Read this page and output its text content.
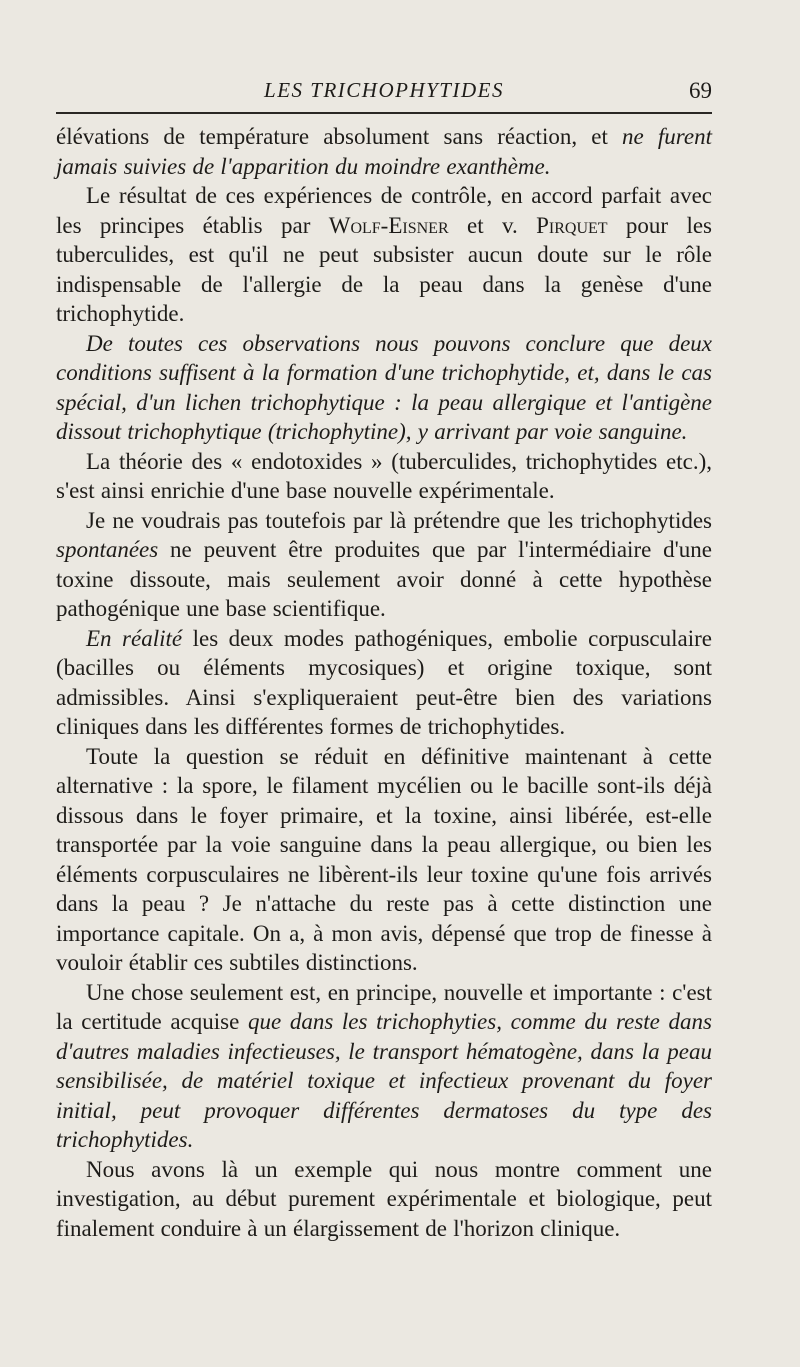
LES TRICHOPHYTIDES	69

élévations de température absolument sans réaction, et ne furent jamais suivies de l'apparition du moindre exanthème.

Le résultat de ces expériences de contrôle, en accord parfait avec les principes établis par Wolf-Eisner et v. Pirquet pour les tuberculides, est qu'il ne peut subsister aucun doute sur le rôle indispensable de l'allergie de la peau dans la genèse d'une trichophytide.

De toutes ces observations nous pouvons conclure que deux conditions suffisent à la formation d'une trichophytide, et, dans le cas spécial, d'un lichen trichophytique : la peau allergique et l'antigène dissout trichophytique (trichophytine), y arrivant par voie sanguine.

La théorie des « endotoxides » (tuberculides, trichophytides etc.), s'est ainsi enrichie d'une base nouvelle expérimentale.

Je ne voudrais pas toutefois par là prétendre que les trichophytides spontanées ne peuvent être produites que par l'intermédiaire d'une toxine dissoute, mais seulement avoir donné à cette hypothèse pathogénique une base scientifique.

En réalité les deux modes pathogéniques, embolie corpusculaire (bacilles ou éléments mycosiques) et origine toxique, sont admissibles. Ainsi s'expliqueraient peut-être bien des variations cliniques dans les différentes formes de trichophytides.

Toute la question se réduit en définitive maintenant à cette alternative : la spore, le filament mycélien ou le bacille sont-ils déjà dissous dans le foyer primaire, et la toxine, ainsi libérée, est-elle transportée par la voie sanguine dans la peau allergique, ou bien les éléments corpusculaires ne libèrent-ils leur toxine qu'une fois arrivés dans la peau ? Je n'attache du reste pas à cette distinction une importance capitale. On a, à mon avis, dépensé que trop de finesse à vouloir établir ces subtiles distinctions.

Une chose seulement est, en principe, nouvelle et importante : c'est la certitude acquise que dans les trichophyties, comme du reste dans d'autres maladies infectieuses, le transport hématogène, dans la peau sensibilisée, de matériel toxique et infectieux provenant du foyer initial, peut provoquer différentes dermatoses du type des trichophytides.

Nous avons là un exemple qui nous montre comment une investigation, au début purement expérimentale et biologique, peut finalement conduire à un élargissement de l'horizon clinique.
